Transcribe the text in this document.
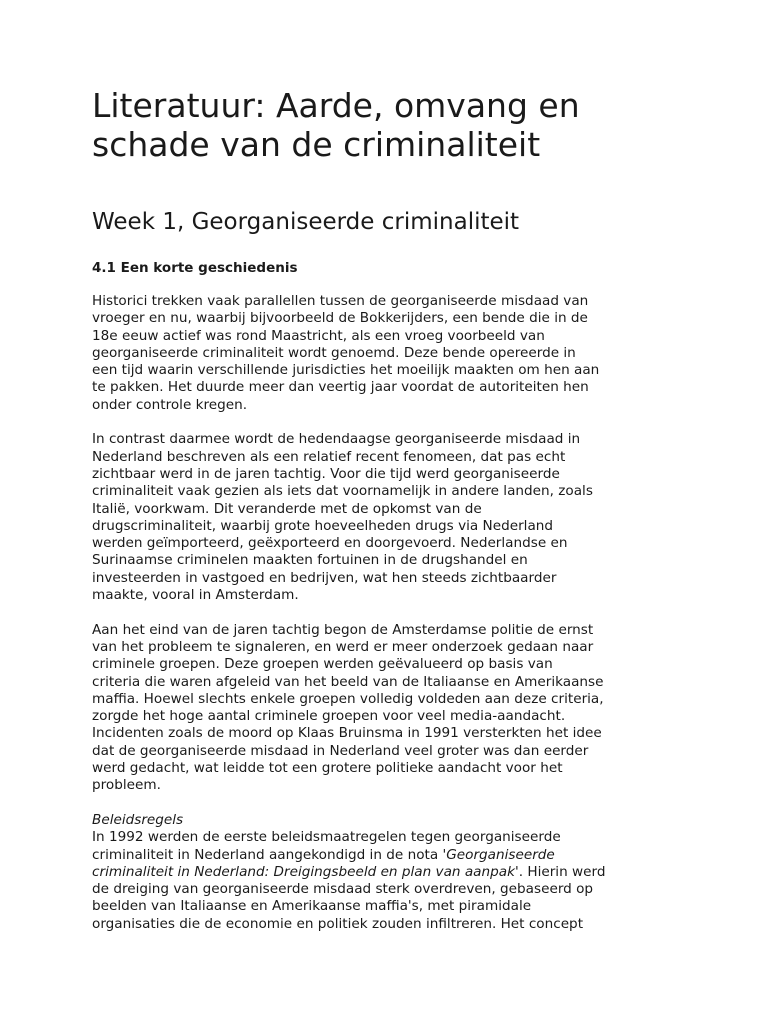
Literatuur: Aarde, omvang en schade van de criminaliteit
Week 1, Georganiseerde criminaliteit
4.1 Een korte geschiedenis
Historici trekken vaak parallellen tussen de georganiseerde misdaad van
vroeger en nu, waarbij bijvoorbeeld de Bokkerijders, een bende die in de
18e eeuw actief was rond Maastricht, als een vroeg voorbeeld van
georganiseerde criminaliteit wordt genoemd. Deze bende opereerde in
een tijd waarin verschillende jurisdicties het moeilijk maakten om hen aan
te pakken. Het duurde meer dan veertig jaar voordat de autoriteiten hen
onder controle kregen.
In contrast daarmee wordt de hedendaagse georganiseerde misdaad in
Nederland beschreven als een relatief recent fenomeen, dat pas echt
zichtbaar werd in de jaren tachtig. Voor die tijd werd georganiseerde
criminaliteit vaak gezien als iets dat voornamelijk in andere landen, zoals
Italië, voorkwam. Dit veranderde met de opkomst van de
drugscriminaliteit, waarbij grote hoeveelheden drugs via Nederland
werden geïmporteerd, geëxporteerd en doorgevoerd. Nederlandse en
Surinaamse criminelen maakten fortuinen in de drugshandel en
investeerden in vastgoed en bedrijven, wat hen steeds zichtbaarder
maakte, vooral in Amsterdam.
Aan het eind van de jaren tachtig begon de Amsterdamse politie de ernst
van het probleem te signaleren, en werd er meer onderzoek gedaan naar
criminele groepen. Deze groepen werden geëvalueerd op basis van
criteria die waren afgeleid van het beeld van de Italiaanse en Amerikaanse
maffia. Hoewel slechts enkele groepen volledig voldeden aan deze criteria,
zorgde het hoge aantal criminele groepen voor veel media-aandacht.
Incidenten zoals de moord op Klaas Bruinsma in 1991 versterkten het idee
dat de georganiseerde misdaad in Nederland veel groter was dan eerder
werd gedacht, wat leidde tot een grotere politieke aandacht voor het
probleem.
Beleidsregels
In 1992 werden de eerste beleidsmaatregelen tegen georganiseerde
criminaliteit in Nederland aangekondigd in de nota 'Georganiseerde
criminaliteit in Nederland: Dreigingsbeeld en plan van aanpak'. Hierin werd
de dreiging van georganiseerde misdaad sterk overdreven, gebaseerd op
beelden van Italiaanse en Amerikaanse maffia's, met piramidale
organisaties die de economie en politiek zouden infiltreren. Het concept
